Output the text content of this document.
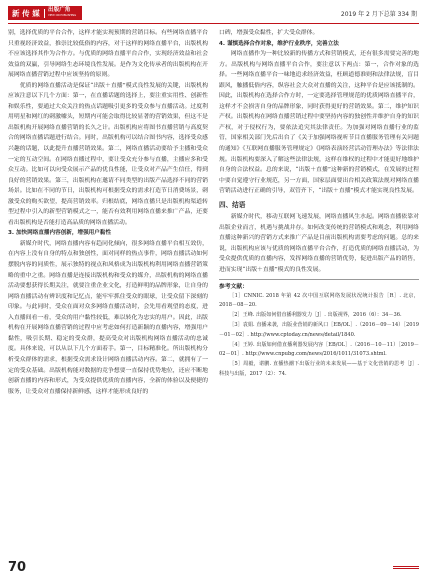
新 传 媒 出版广角
VIEW ON PUBLISHING	2019 年 2 月下总第 334 期

别，选择优质的平台合作，这样才能实现预期的营销目标。有些网络直播平台只重视经济效益，推崇比较低俗的内容，对于这样的网络直播平台，出版机构不应该选择其作为合作方。与优质的网络直播平台合作，实现经济效益和社会效益的双赢，引导网络生态环境良性发展。是作为文化传承者的出版机构在开展网络直播营销过程中应该坚持的原则。

优质的网络直播活动是保证“出版＋直播”模式良性发展的关键，出版机构应该注意以下几个方面：第一，在直播话题的选择上，要注重实用性、创新性和娱乐性，要通过大众关注的热点话题吸引更多的受众参与直播活动。过度利用明星和网红的刺激噱头，短期内可能会取得比较显著的营销效果，但这不是出版机构开展网络直播营销的长久之计。出版机构应将图书直播营销与高度契合的网络直播话题进行结合。同时，出版机构可以结合图书内容，选择受众感兴趣的话题，以此提升直播营销效果。第二，网络直播活动要给予主播和受众一定的互动空间。在网络直播过程中，要让受众充分参与直播，主播应多和受众互动。比如可以向受众展示产品的优良性能，让受众对产品产生信任，得到良好的营销效果。第三，出版机构在邀请不同类型的出版产品选择不同的营销场景。比如在不同的节日，出版机构可根据受众的需求打造节日消费场景，刺激受众的购买欲望，提高营销效率。归根结底，网络直播只是出版机构渠道转型过程中引入的新型营销模式之一，能否有效利用网络直播来推广产品，还要看出版机构是否能打造高品质的网络直播活动。

3. 加快网络直播内容创新，增强用户黏性

新媒介时代，网络直播内容有趋同化倾向，很多网络直播平台相互效仿，在内容上没有自身的特点和独创性，面对同样的热点事件，网络直播活动如何摆脱内容的同质性，展示独特的视点和风格成为出版机构利用网络直播营销策略的重中之重。网络直播是连接出版机构和受众的媒介，出版机构的网络直播活动要想获得长期关注，就要注重企业文化，打造鲜明的品牌形象，让自身的网络直播活动有辨识度和记忆点，能牢牢抓住受众的眼球，让受众留下深刻的印象。与此同时，受众在面对众多网络直播活动时，会先用看观望的态度，进入直播间看一看，受众的用户黏性较低，难以转化为忠实的用户。因此，出版机构在开展网络直播营销的过程中应考虑如何打造新颖的直播内容，增强用户黏性，吸引长期、稳定的受众群，提高受众对出版机构网络直播活动的忠诚度。具体来说，可以从以下几个方面着手。第一，目标精准化。所出版机构分析受众群体的需求，根据受众需求设计网络直播活动内容。第二，就拥有了一定的受众基础。出版机构能对数据的竞争想要一直保持优势地位，还应不断地创新直播的内容和形式，为受众提供优质的直播内容，全新的体验以及便捷的服务，让受众对直播保持新鲜感，这样才能形成良好的

口碑，增强受众黏性，扩大受众群体。

4. 谨慎选择合作对象，维护行业秩序，完善立法

网络直播作为一种比较新的传播方式和营销模式，还有很多需要完善的地方。出版机构与网络直播平台合作，要注意以下两点：第一，合作对象的选择。一些网络直播平台一味地追求经济效益，枉顾道德准则和法律法规，盲目跟风，触播低俗内容，纵容社会大众对直播的关注，这种平台是应该抵制的。因此，出版机构在选择合作方时，一定要选择管理规范的优质网络直播平台，这样才不会损害自身的品牌形象，同时获得更好的营销效果。第二，维护知识产权。出版机构在网络直播营销过程中要坚持内容的独创性并维护自身的知识产权，对于侵权行为，要依法追究其法律责任。为加强对网络直播行业的监管，国家相关部门先后出台了《关于加强网络视听节目直播服务管理有关问题的通知》《互联网直播服务管理规定》《网络表演经营活动管理办法》等法律法规。出版机构要深入了解这些法律法规，这样在维权的过程中才能更好地维护自身的合法权益。总的来说，“出版＋直播”这种新的营销模式，在发展的过程中要自觉遵守行业规范，另一方面，国家层面要出台相关政策法规对网络直播营销活动进行正确的引导，双管齐下，“出版＋直播”模式才能实现良性发展。

四、结语

新媒介时代，移动互联网飞速发展，网络直播风生水起。网络直播依靠对出版企业而言，机遇与挑战并存。如何改变传统的营销模式和观念，利用网络直播这种新兴的营销方式来推广产品是目前出版机构需要考虑的问题。总的来说，出版机构应该与优质的网络直播平台合作，打造优质的网络直播活动，为受众提供优质的直播内容，发挥网络直播的营销优势，促进出版产品的销售，进而实现“出版＋直播”模式的良性发展。

参考文献：

［1］CNNIC. 2018 年第 42 次中国互联网络发展状况统计报告［R］. 北京，2018－08－20.

［2］王峰. 出版如何借直播利器发力［J］. 出版视界，2016（6）：34－36.

［3］袁娟. 直播来袭，出版业营销的新风口［EB/OL］.（2016－09－14）［2019－01－02］. http://www.cptoday.cn/news/detail/1840.

［4］王婷. 出版如何借直播利器发展内容［EB/OL］.（2016－10－11）［2019－02－01］. http://www.cnpubg.com/news/2016/1011/31073.shtml.

［5］周毅，谌鹏. 直播热潮下出版行业的未来发展——基于文化营销的思考［J］. 科技与出版，2017（2）：74.

70
